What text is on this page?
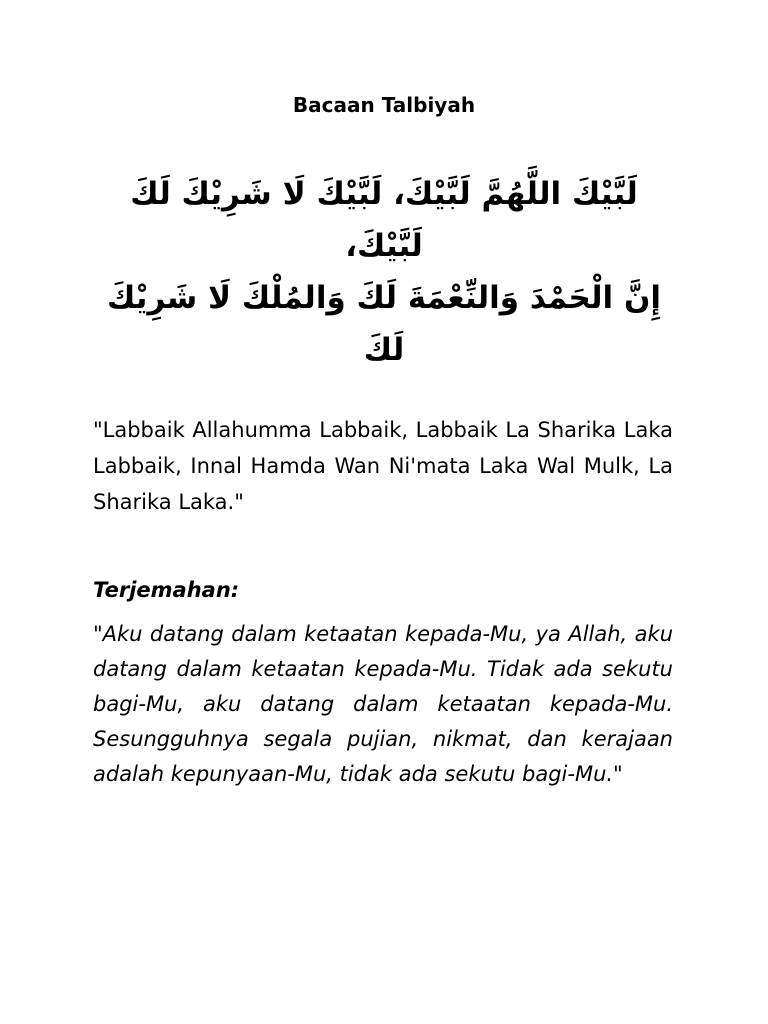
Bacaan Talbiyah

لَبَّيْكَ اللَّهُمَّ لَبَّيْكَ، لَبَّيْكَ لَا شَرِيْكَ لَكَ لَبَّيْكَ،

إِنَّ الْحَمْدَ وَالنِّعْمَةَ لَكَ وَالمُلْكَ لَا شَرِيْكَ لَكَ

"Labbaik Allahumma Labbaik, Labbaik La Sharika Laka Labbaik, Innal Hamda Wan Ni'mata Laka Wal Mulk, La Sharika Laka."

Terjemahan:

"Aku datang dalam ketaatan kepada-Mu, ya Allah, aku datang dalam ketaatan kepada-Mu. Tidak ada sekutu bagi-Mu, aku datang dalam ketaatan kepada-Mu. Sesungguhnya segala pujian, nikmat, dan kerajaan adalah kepunyaan-Mu, tidak ada sekutu bagi-Mu."
